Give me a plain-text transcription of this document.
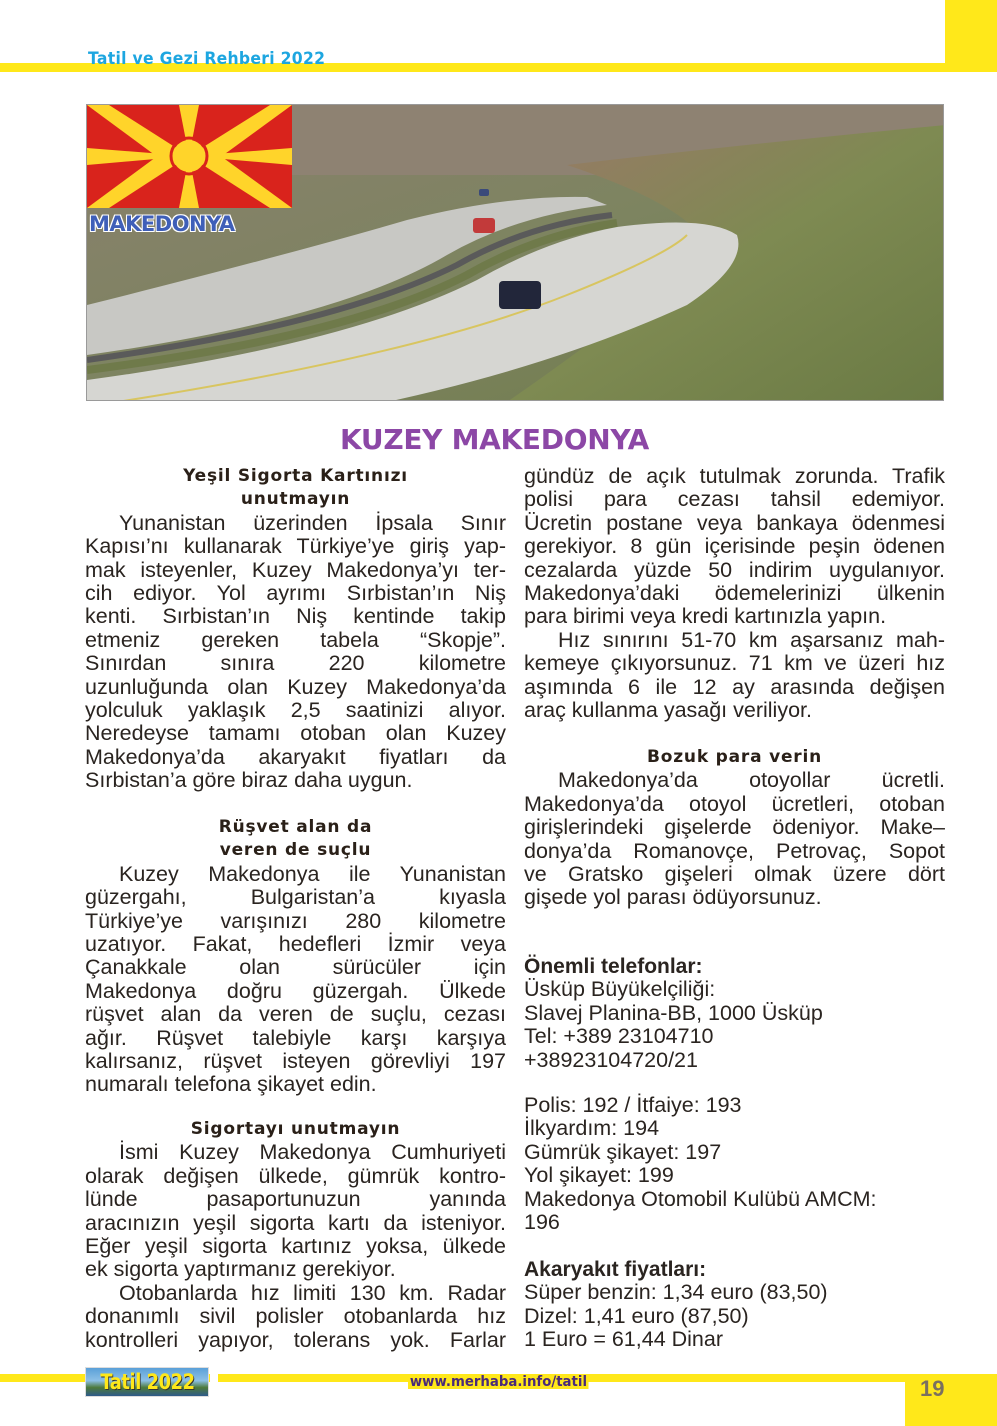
Tatil ve Gezi Rehberi 2022
MAKEDONYA
KUZEY MAKEDONYA
Yeşil Sigorta Kartınızı
unutmayın
Yunanistan üzerinden İpsala Sınır
Kapısı’nı kullanarak Türkiye’ye giriş yap-
mak isteyenler, Kuzey Makedonya’yı ter-
cih ediyor. Yol ayrımı Sırbistan’ın Niş
kenti. Sırbistan’ın Niş kentinde takip
etmeniz gereken tabela “Skopje”.
Sınırdan sınıra 220 kilometre
uzunluğunda olan Kuzey Makedonya’da
yolculuk yaklaşık 2,5 saatinizi alıyor.
Neredeyse tamamı otoban olan Kuzey
Makedonya’da akaryakıt fiyatları da
Sırbistan’a göre biraz daha uygun.
Rüşvet alan da
veren de suçlu
Kuzey Makedonya ile Yunanistan
güzergahı, Bulgaristan’a kıyasla
Türkiye’ye varışınızı 280 kilometre
uzatıyor. Fakat, hedefleri İzmir veya
Çanakkale olan sürücüler için
Makedonya doğru güzergah. Ülkede
rüşvet alan da veren de suçlu, cezası
ağır. Rüşvet talebiyle karşı karşıya
kalırsanız, rüşvet isteyen görevliyi 197
numaralı telefona şikayet edin.
Sigortayı unutmayın
İsmi Kuzey Makedonya Cumhuriyeti
olarak değişen ülkede, gümrük kontro-
lünde pasaportunuzun yanında
aracınızın yeşil sigorta kartı da isteniyor.
Eğer yeşil sigorta kartınız yoksa, ülkede
ek sigorta yaptırmanız gerekiyor.
Otobanlarda hız limiti 130 km. Radar
donanımlı sivil polisler otobanlarda hız
kontrolleri yapıyor, tolerans yok. Farlar
gündüz de açık tutulmak zorunda. Trafik
polisi para cezası tahsil edemiyor.
Ücretin postane veya bankaya ödenmesi
gerekiyor. 8 gün içerisinde peşin ödenen
cezalarda yüzde 50 indirim uygulanıyor.
Makedonya’daki ödemelerinizi ülkenin
para birimi veya kredi kartınızla yapın.
Hız sınırını 51-70 km aşarsanız mah-
kemeye çıkıyorsunuz. 71 km ve üzeri hız
aşımında 6 ile 12 ay arasında değişen
araç kullanma yasağı veriliyor.
Bozuk para verin
Makedonya’da otoyollar ücretli.
Makedonya’da otoyol ücretleri, otoban
girişlerindeki gişelerde ödeniyor. Make–
donya’da Romanovçe, Petrovaç, Sopot
ve Gratsko gişeleri olmak üzere dört
gişede yol parası ödüyorsunuz.
Önemli telefonlar:
Üsküp Büyükelçiliği:
Slavej Planina-BB, 1000 Üsküp
Tel: +389 23104710
+38923104720/21
Polis: 192 / İtfaiye: 193
İlkyardım: 194
Gümrük şikayet: 197
Yol şikayet: 199
Makedonya Otomobil Kulübü AMCM:
196
Akaryakıt fiyatları:
Süper benzin: 1,34 euro (83,50)
Dizel: 1,41 euro (87,50)
1 Euro = 61,44 Dinar
Tatil 2022	www.merhaba.info/tatil	19
